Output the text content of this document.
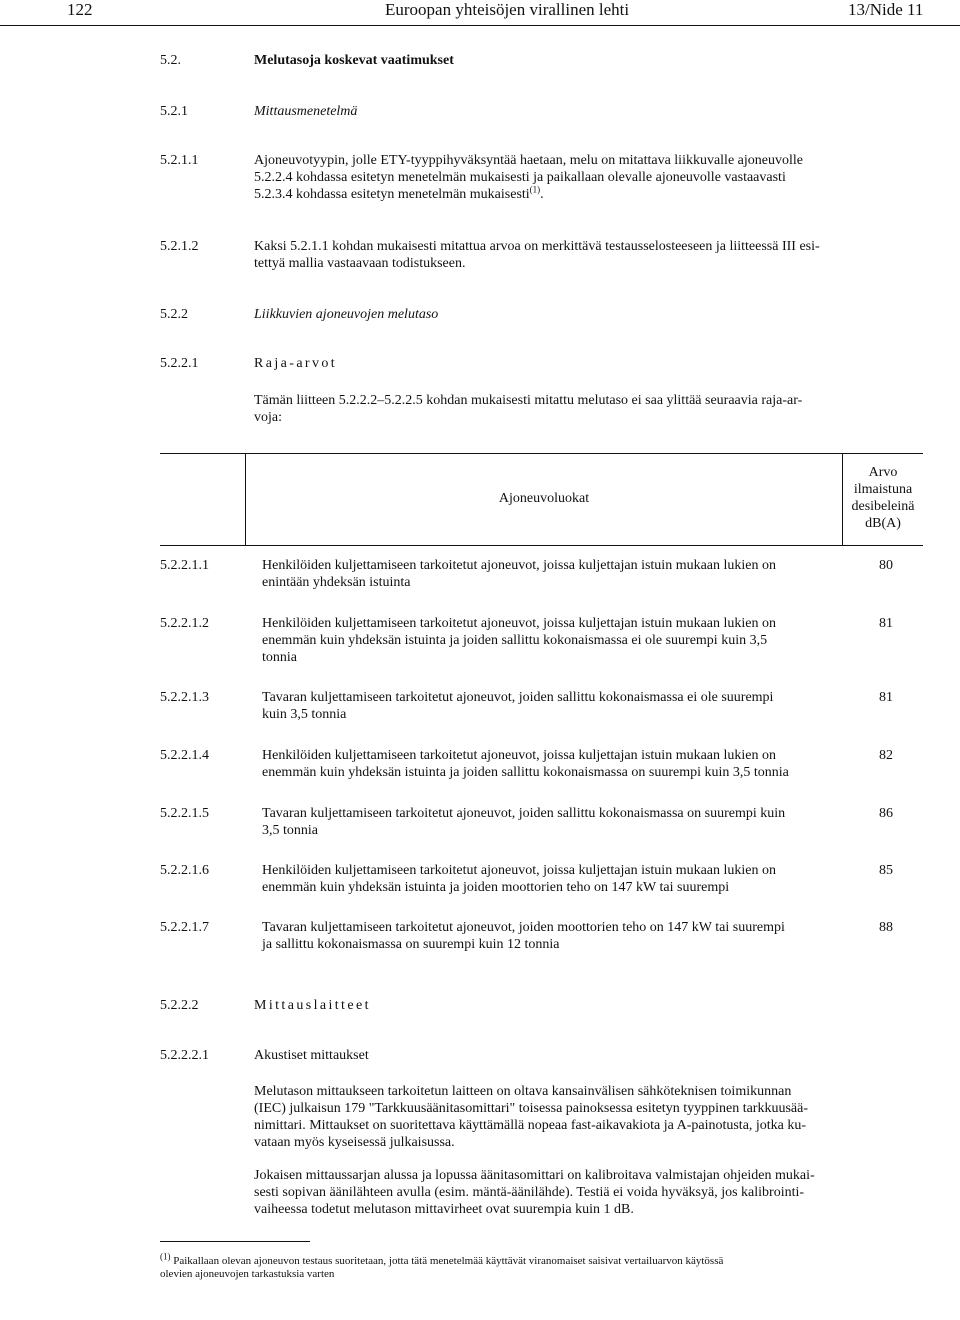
122	Euroopan yhteisöjen virallinen lehti	13/Nide 11
5.2.	Melutasoja koskevat vaatimukset
5.2.1	Mittausmenetelmä
5.2.1.1	Ajoneuvotyypin, jolle ETY-tyyppihyväksyntää haetaan, melu on mitattava liikkuvalle ajoneuvolle
5.2.2.4 kohdassa esitetyn menetelmän mukaisesti ja paikallaan olevalle ajoneuvolle vastaavasti
5.2.3.4 kohdassa esitetyn menetelmän mukaisesti$^{(1)}$.
5.2.1.2	Kaksi 5.2.1.1 kohdan mukaisesti mitattua arvoa on merkittävä testausselosteeseen ja liitteessä III esi-
tettyä mallia vastaavaan todistukseen.
5.2.2	Liikkuvien ajoneuvojen melutaso
5.2.2.1	Raja-arvot
Tämän liitteen 5.2.2.2–5.2.2.5 kohdan mukaisesti mitattu melutaso ei saa ylittää seuraavia raja-ar-
voja:
Ajoneuvoluokat
Arvo
ilmaistuna
desibeleinä
dB(A)
5.2.2.1.1	Henkilöiden kuljettamiseen tarkoitetut ajoneuvot, joissa kuljettajan istuin mukaan lukien on
enintään yhdeksän istuinta
80
5.2.2.1.2	Henkilöiden kuljettamiseen tarkoitetut ajoneuvot, joissa kuljettajan istuin mukaan lukien on
enemmän kuin yhdeksän istuinta ja joiden sallittu kokonaismassa ei ole suurempi kuin 3,5
tonnia
81
5.2.2.1.3	Tavaran kuljettamiseen tarkoitetut ajoneuvot, joiden sallittu kokonaismassa ei ole suurempi
kuin 3,5 tonnia
81
5.2.2.1.4	Henkilöiden kuljettamiseen tarkoitetut ajoneuvot, joissa kuljettajan istuin mukaan lukien on
enemmän kuin yhdeksän istuinta ja joiden sallittu kokonaismassa on suurempi kuin 3,5 tonnia
82
5.2.2.1.5	Tavaran kuljettamiseen tarkoitetut ajoneuvot, joiden sallittu kokonaismassa on suurempi kuin
3,5 tonnia
86
5.2.2.1.6	Henkilöiden kuljettamiseen tarkoitetut ajoneuvot, joissa kuljettajan istuin mukaan lukien on
enemmän kuin yhdeksän istuinta ja joiden moottorien teho on 147 kW tai suurempi
85
5.2.2.1.7	Tavaran kuljettamiseen tarkoitetut ajoneuvot, joiden moottorien teho on 147 kW tai suurempi
ja sallittu kokonaismassa on suurempi kuin 12 tonnia
88
5.2.2.2	Mittauslaitteet
5.2.2.2.1	Akustiset mittaukset
Melutason mittaukseen tarkoitetun laitteen on oltava kansainvälisen sähköteknisen toimikunnan
(IEC) julkaisun 179 "Tarkkuusäänitasomittari" toisessa painoksessa esitetyn tyyppinen tarkkuusää-
nimittari. Mittaukset on suoritettava käyttämällä nopeaa fast-aikavakiota ja A-painotusta, jotka ku-
vataan myös kyseisessä julkaisussa.
Jokaisen mittaussarjan alussa ja lopussa äänitasomittari on kalibroitava valmistajan ohjeiden mukai-
sesti sopivan äänilähteen avulla (esim. mäntä-äänilähde). Testiä ei voida hyväksyä, jos kalibrointi-
vaiheessa todetut melutason mittavirheet ovat suurempia kuin 1 dB.
$^{(1)}$ Paikallaan olevan ajoneuvon testaus suoritetaan, jotta tätä menetelmää käyttävät viranomaiset saisivat vertailuarvon käytössä
olevien ajoneuvojen tarkastuksia varten
